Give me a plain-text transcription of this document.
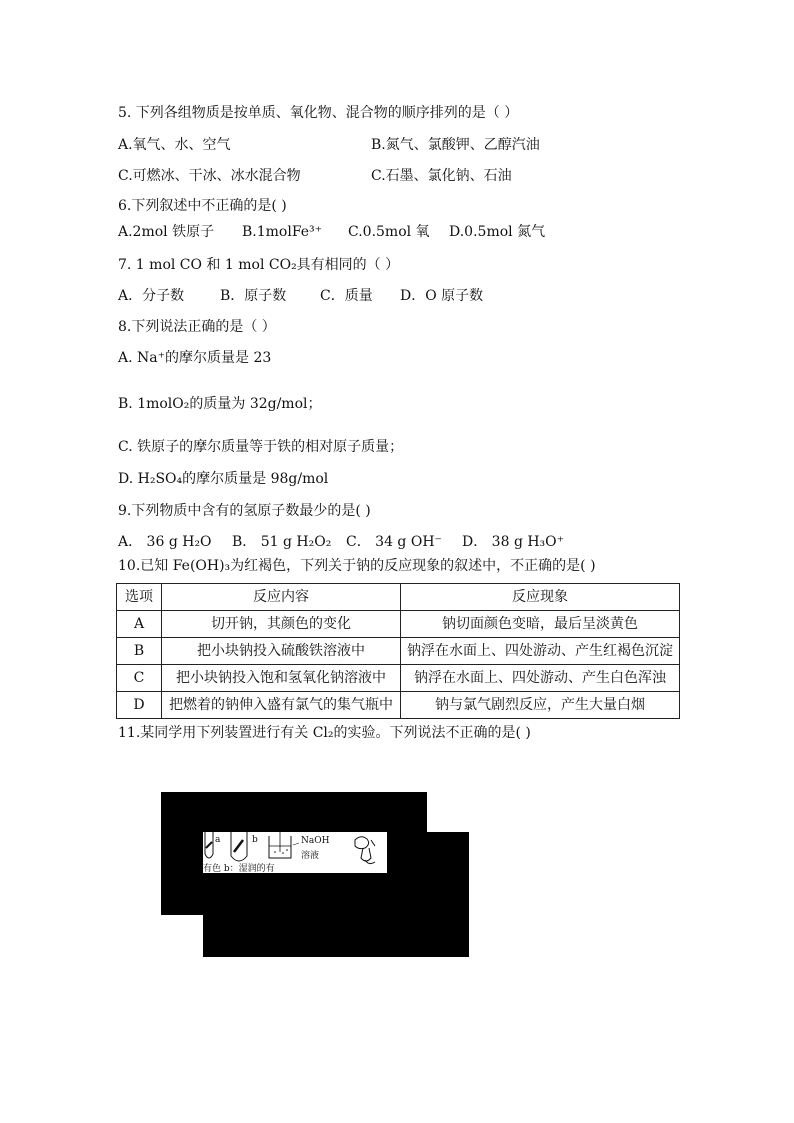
5. 下列各组物质是按单质、氧化物、混合物的顺序排列的是（ ）
A.氧气、水、空气	B.氮气、氯酸钾、乙醇汽油
C.可燃冰、干冰、冰水混合物	C.石墨、氯化钠、石油
6.下列叙述中不正确的是( )
A.2mol 铁原子 B.1molFe³⁺ C.0.5mol 氧 D.0.5mol 氮气
7. 1 mol CO 和 1 mol CO₂具有相同的（ ）
A．分子数	B．原子数 C．质量 D．O 原子数
8.下列说法正确的是（ ）
A. Na⁺的摩尔质量是 23
B. 1molO₂的质量为 32g/mol；
C. 铁原子的摩尔质量等于铁的相对原子质量；
D. H₂SO₄的摩尔质量是 98g/mol
9.下列物质中含有的氢原子数最少的是( )
A． 36 g H₂O B． 51 g H₂O₂ C． 34 g OH⁻ D． 38 g H₃O⁺
10.已知 Fe(OH)₃为红褐色，下列关于钠的反应现象的叙述中，不正确的是( )
选项	反应内容	反应现象
A	切开钠，其颜色的变化	钠切面颜色变暗，最后呈淡黄色
B	把小块钠投入硫酸铁溶液中	钠浮在水面上、四处游动、产生红褐色沉淀
C	把小块钠投入饱和氢氧化钠溶液中	钠浮在水面上、四处游动、产生白色浑浊
D	把燃着的钠伸入盛有氯气的集气瓶中	钠与氯气剧烈反应，产生大量白烟
11.某同学用下列装置进行有关 Cl₂的实验。下列说法不正确的是( )
a	b	NaOH
溶液
有色 b：湿润的有
